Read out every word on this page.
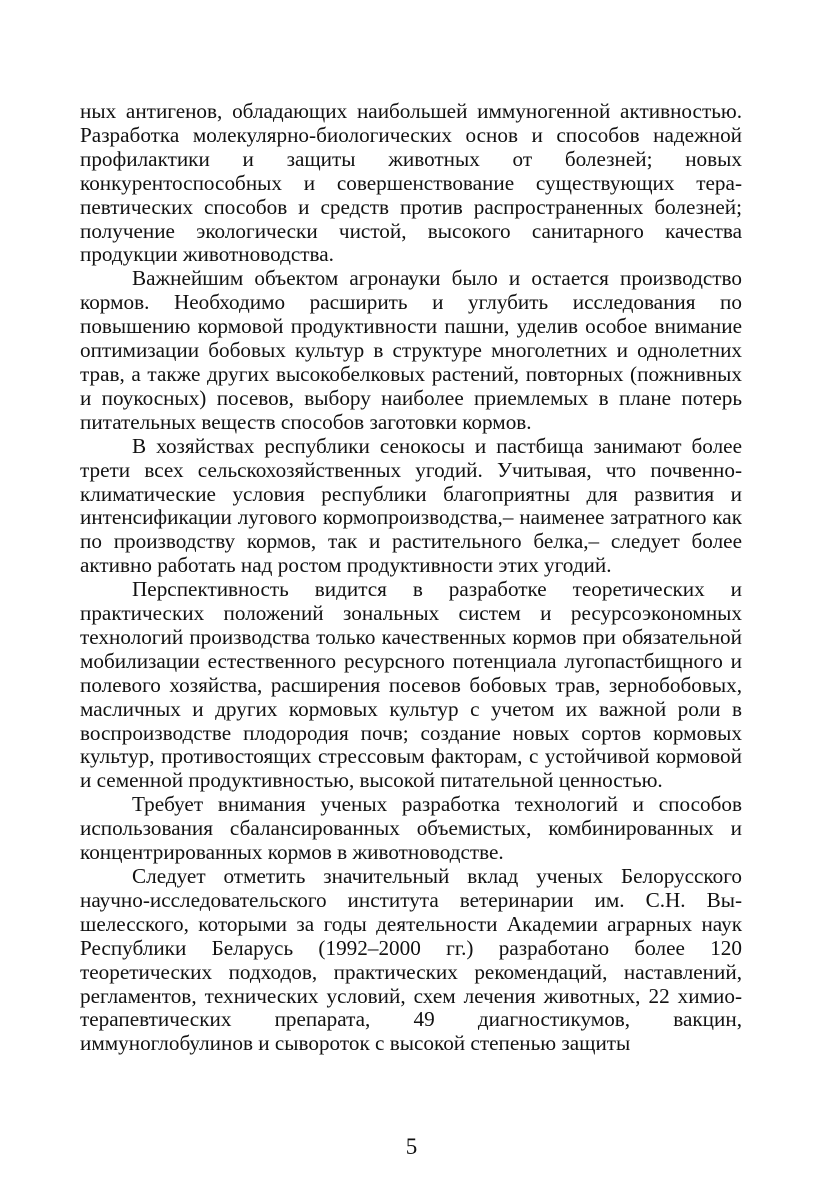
ных антигенов, обладающих наибольшей иммуногенной активностью. Разработка молекулярно-биологических основ и способов надежной профилактики и защиты животных от болезней; новых конкурентоспособных и совершенствование существующих терапевтических способов и средств против распространенных болезней; получение экологически чистой, высокого санитарного качества продукции животноводства.

Важнейшим объектом агронауки было и остается производство кормов. Необходимо расширить и углубить исследования по повышению кормовой продуктивности пашни, уделив особое внимание оптимизации бобовых культур в структуре многолетних и однолетних трав, а также других высокобелковых растений, повторных (пожнивных и поукосных) посевов, выбору наиболее приемлемых в плане потерь питательных веществ способов заготовки кормов.

В хозяйствах республики сенокосы и пастбища занимают более трети всех сельскохозяйственных угодий. Учитывая, что почвенно-климатические условия республики благоприятны для развития и интенсификации лугового кормопроизводства,– наименее затратного как по производству кормов, так и растительного белка,– следует более активно работать над ростом продуктивности этих угодий.

Перспективность видится в разработке теоретических и практических положений зональных систем и ресурсоэкономных технологий производства только качественных кормов при обязательной мобилизации естественного ресурсного потенциала лугопастбищного и полевого хозяйства, расширения посевов бобовых трав, зернобобовых, масличных и других кормовых культур с учетом их важной роли в воспроизводстве плодородия почв; создание новых сортов кормовых культур, противостоящих стрессовым факторам, с устойчивой кормовой и семенной продуктивностью, высокой питательной ценностью.

Требует внимания ученых разработка технологий и способов использования сбалансированных объемистых, комбинированных и концентрированных кормов в животноводстве.

Следует отметить значительный вклад ученых Белорусского научно-исследовательского института ветеринарии им. С.Н. Вышелесского, которыми за годы деятельности Академии аграрных наук Республики Беларусь (1992–2000 гг.) разработано более 120 теоретических подходов, практических рекомендаций, наставлений, регламентов, технических условий, схем лечения животных, 22 химио-терапевтических препарата, 49 диагностикумов, вакцин, иммуноглобулинов и сывороток с высокой степенью защиты

5
